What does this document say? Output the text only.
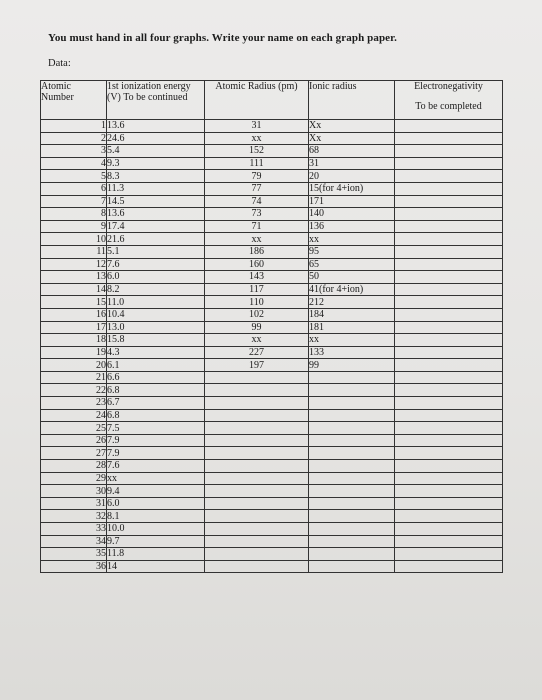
You must hand in all four graphs. Write your name on each graph paper.
Data:
Atomic Number	1st ionization energy (V) To be continued	Atomic Radius (pm)	Ionic radius	Electronegativity
To be completed

1	13.6	31	Xx	
2	24.6	xx	Xx	
3	5.4	152	68	
4	9.3	111	31	
5	8.3	79	20	
6	11.3	77	15(for 4+ion)	
7	14.5	74	171	
8	13.6	73	140	
9	17.4	71	136	
10	21.6	xx	xx	
11	5.1	186	95	
12	7.6	160	65	
13	6.0	143	50	
14	8.2	117	41(for 4+ion)	
15	11.0	110	212	
16	10.4	102	184	
17	13.0	99	181	
18	15.8	xx	xx	
19	4.3	227	133	
20	6.1	197	99	
21	6.6			
22	6.8			
23	6.7			
24	6.8			
25	7.5			
26	7.9			
27	7.9			
28	7.6			
29	xx			
30	9.4			
31	6.0			
32	8.1			
33	10.0			
34	9.7			
35	11.8			
36	14			
